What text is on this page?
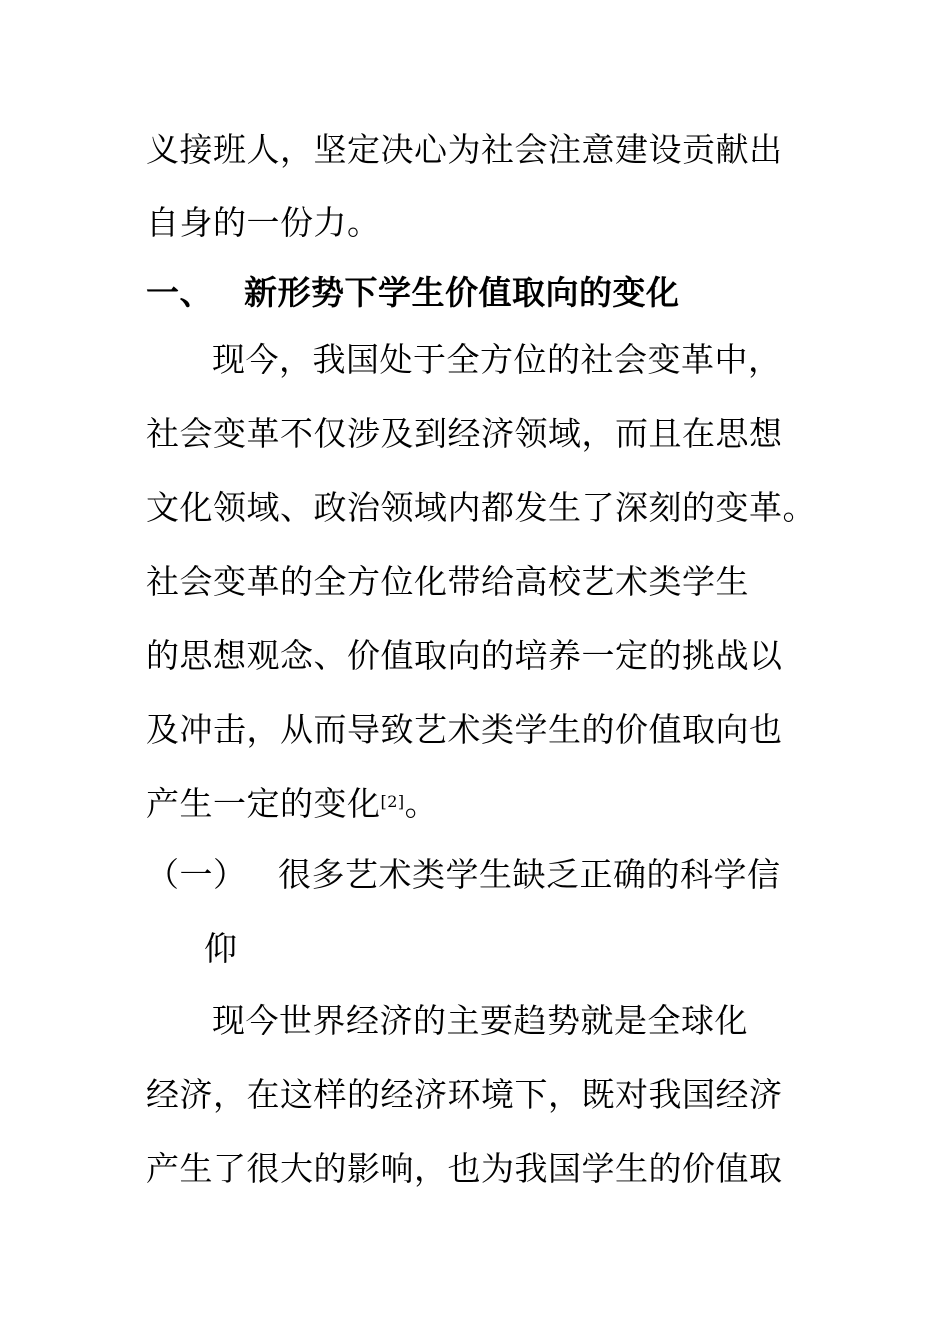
义接班人，坚定决心为社会注意建设贡献出
自身的一份力。
一、 新形势下学生价值取向的变化
现今，我国处于全方位的社会变革中，
社会变革不仅涉及到经济领域，而且在思想
文化领域、政治领域内都发生了深刻的变革。
社会变革的全方位化带给高校艺术类学生
的思想观念、价值取向的培养一定的挑战以
及冲击，从而导致艺术类学生的价值取向也
产生一定的变化[2]。
（一） 很多艺术类学生缺乏正确的科学信
仰
现今世界经济的主要趋势就是全球化
经济，在这样的经济环境下，既对我国经济
产生了很大的影响，也为我国学生的价值取
